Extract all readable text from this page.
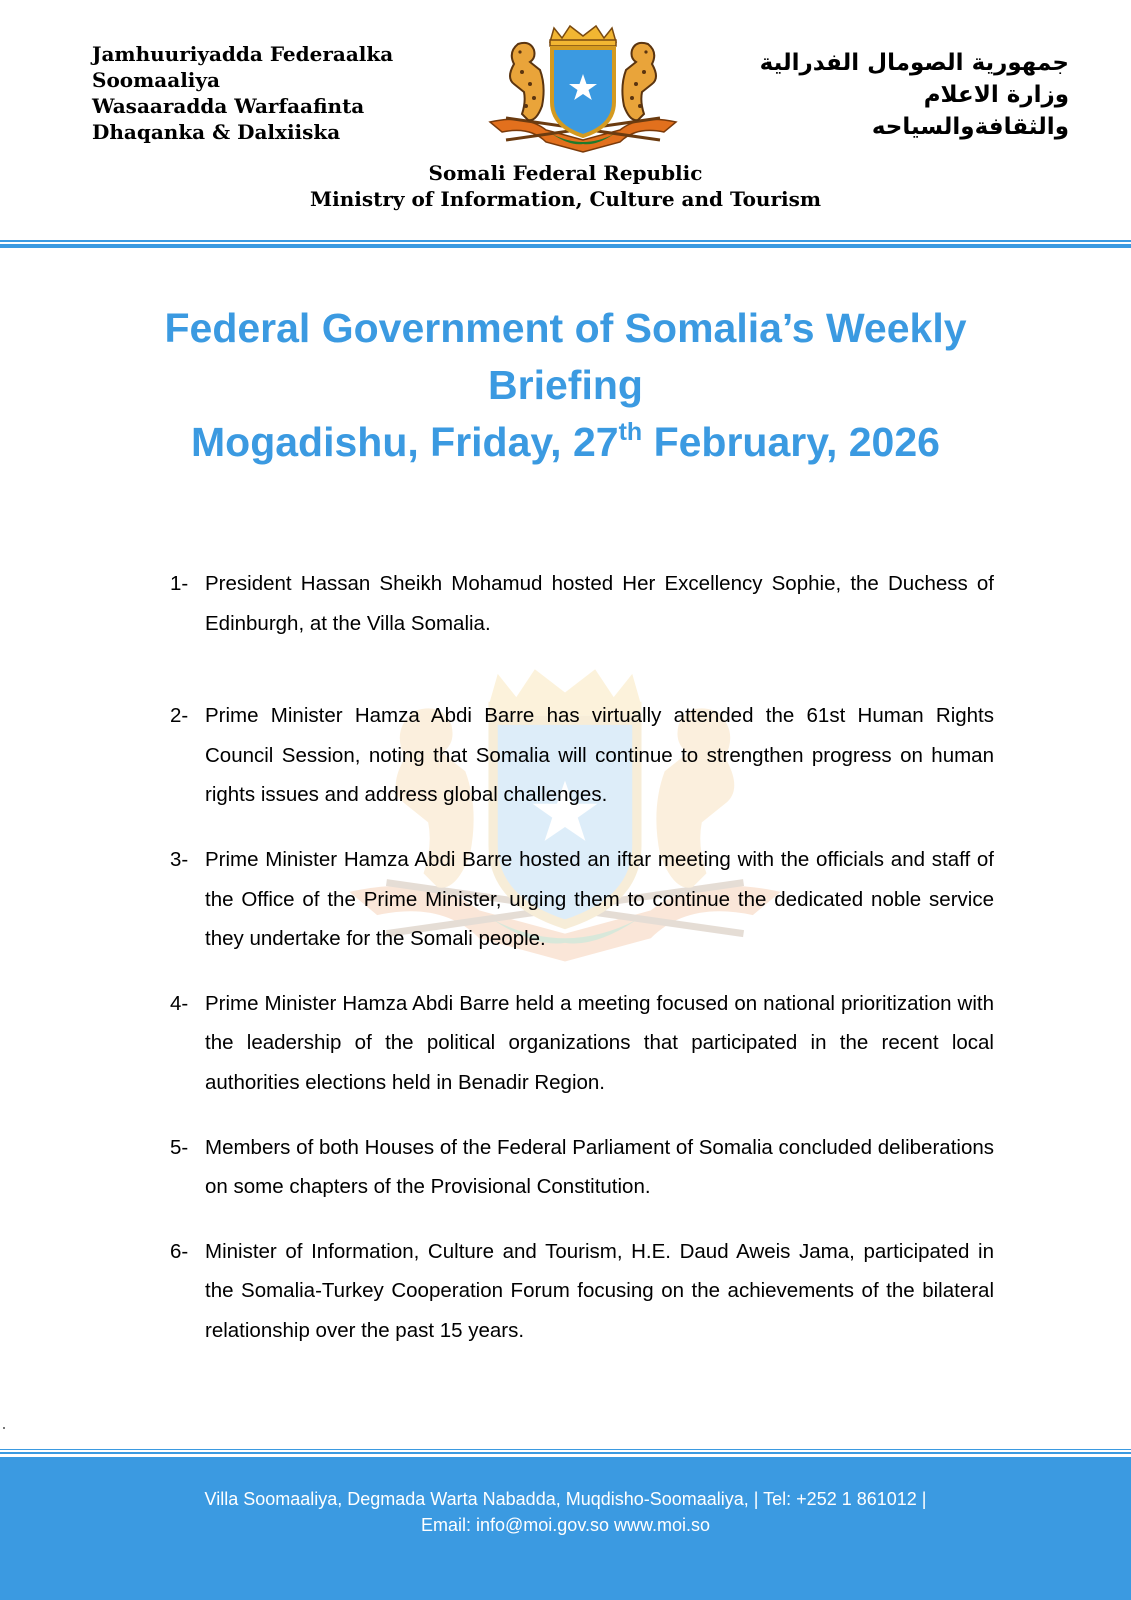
Jamhuuriyadda Federaalka
Soomaaliya
Wasaaradda Warfaafinta
Dhaqanka & Dalxiiska
جمهورية الصومال الفدرالية
وزارة الاعلام
والثقافةوالسياحه
Somali Federal Republic
Ministry of Information, Culture and Tourism
Federal Government of Somalia’s Weekly
Briefing
Mogadishu, Friday, 27th February, 2026
1- President Hassan Sheikh Mohamud hosted Her Excellency Sophie, the Duchess of Edinburgh, at the Villa Somalia.
2- Prime Minister Hamza Abdi Barre has virtually attended the 61st Human Rights Council Session, noting that Somalia will continue to strengthen progress on human rights issues and address global challenges.
3- Prime Minister Hamza Abdi Barre hosted an iftar meeting with the officials and staff of the Office of the Prime Minister, urging them to continue the dedicated noble service they undertake for the Somali people.
4- Prime Minister Hamza Abdi Barre held a meeting focused on national prioritization with the leadership of the political organizations that participated in the recent local authorities elections held in Benadir Region.
5- Members of both Houses of the Federal Parliament of Somalia concluded deliberations on some chapters of the Provisional Constitution.
6- Minister of Information, Culture and Tourism, H.E. Daud Aweis Jama, participated in the Somalia-Turkey Cooperation Forum focusing on the achievements of the bilateral relationship over the past 15 years.
Villa Soomaaliya, Degmada Warta Nabadda, Muqdisho-Soomaaliya, | Tel: +252 1 861012 |
Email: info@moi.gov.so www.moi.so
